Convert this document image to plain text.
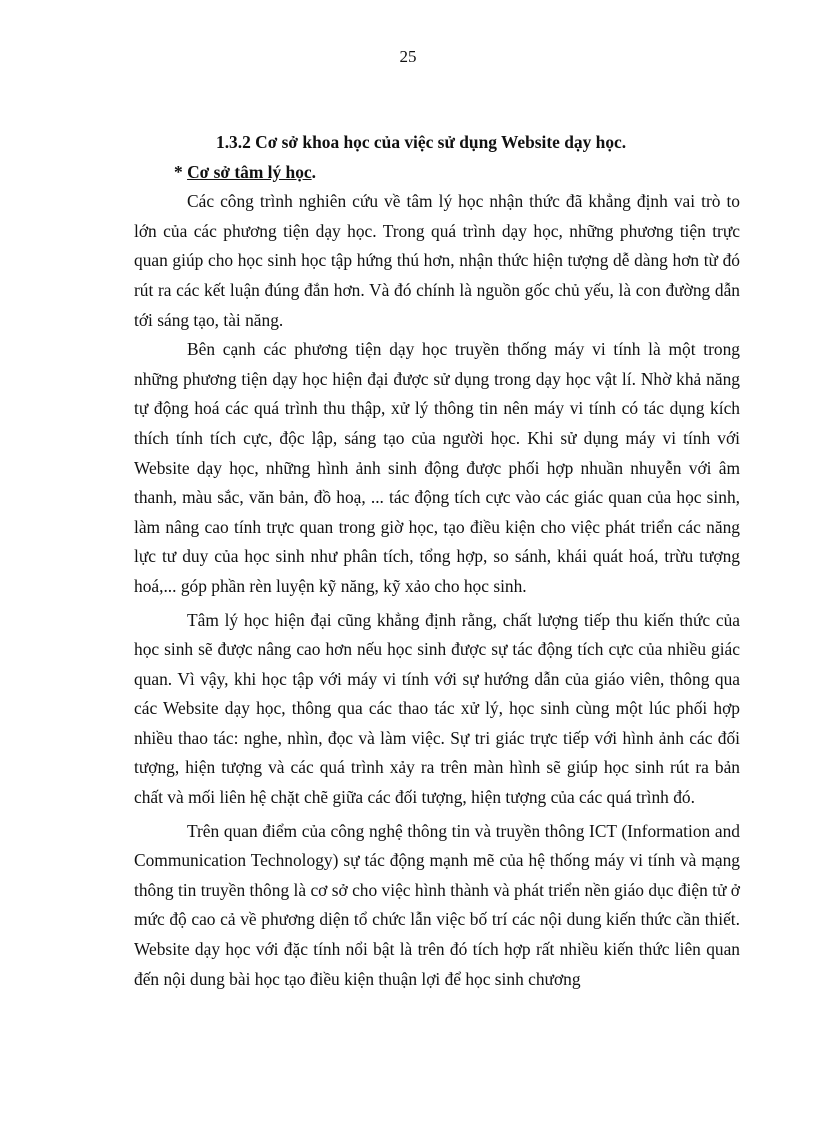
25

1.3.2 Cơ sở khoa học của việc sử dụng Website dạy học.

* Cơ sở tâm lý học.

Các công trình nghiên cứu về tâm lý học nhận thức đã khẳng định vai trò to lớn của các phương tiện dạy học. Trong quá trình dạy học, những phương tiện trực quan giúp cho học sinh học tập hứng thú hơn, nhận thức hiện tượng dễ dàng hơn từ đó rút ra các kết luận đúng đắn hơn. Và đó chính là nguồn gốc chủ yếu, là con đường dẫn tới sáng tạo, tài năng.

Bên cạnh các phương tiện dạy học truyền thống máy vi tính là một trong những phương tiện dạy học hiện đại được sử dụng trong dạy học vật lí. Nhờ khả năng tự động hoá các quá trình thu thập, xử lý thông tin nên máy vi tính có tác dụng kích thích tính tích cực, độc lập, sáng tạo của người học. Khi sử dụng máy vi tính với Website dạy học, những hình ảnh sinh động được phối hợp nhuần nhuyễn với âm thanh, màu sắc, văn bản, đồ hoạ, ... tác động tích cực vào các giác quan của học sinh, làm nâng cao tính trực quan trong giờ học, tạo điều kiện cho việc phát triển các năng lực tư duy của học sinh như phân tích, tổng hợp, so sánh, khái quát hoá, trừu tượng hoá,... góp phần rèn luyện kỹ năng, kỹ xảo cho học sinh.

Tâm lý học hiện đại cũng khẳng định rằng, chất lượng tiếp thu kiến thức của học sinh sẽ được nâng cao hơn nếu học sinh được sự tác động tích cực của nhiều giác quan. Vì vậy, khi học tập với máy vi tính với sự hướng dẫn của giáo viên, thông qua các Website dạy học, thông qua các thao tác xử lý, học sinh cùng một lúc phối hợp nhiều thao tác: nghe, nhìn, đọc và làm việc. Sự tri giác trực tiếp với hình ảnh các đối tượng, hiện tượng và các quá trình xảy ra trên màn hình sẽ giúp học sinh rút ra bản chất và mối liên hệ chặt chẽ giữa các đối tượng, hiện tượng của các quá trình đó.

Trên quan điểm của công nghệ thông tin và truyền thông ICT (Information and Communication Technology) sự tác động mạnh mẽ của hệ thống máy vi tính và mạng thông tin truyền thông là cơ sở cho việc hình thành và phát triển nền giáo dục điện tử ở mức độ cao cả về phương diện tổ chức lẫn việc bố trí các nội dung kiến thức cần thiết. Website dạy học với đặc tính nổi bật là trên đó tích hợp rất nhiều kiến thức liên quan đến nội dung bài học tạo điều kiện thuận lợi để học sinh chương
